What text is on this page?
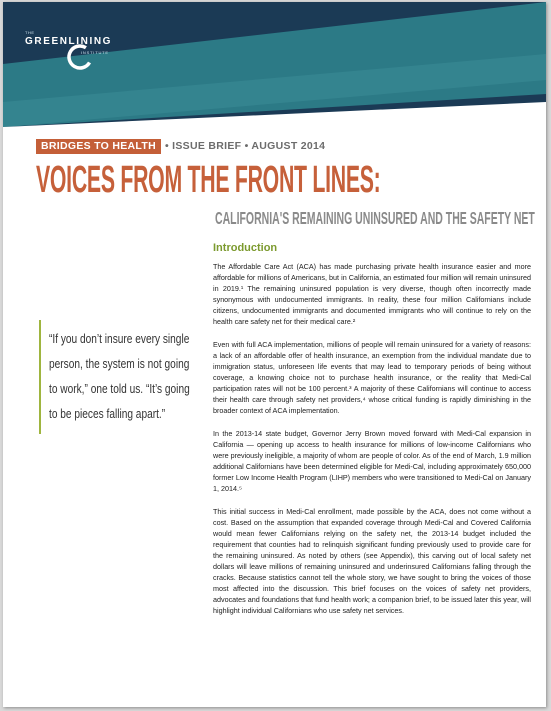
THE
GREENLINING
INSTITUTE
BRIDGES TO HEALTH • ISSUE BRIEF • AUGUST 2014
VOICES FROM THE FRONT LINES:
CALIFORNIA'S REMAINING UNINSURED AND THE SAFETY NET
Introduction

The Affordable Care Act (ACA) has made purchasing private health insurance easier and more affordable for millions of Americans, but in California, an estimated four million will remain uninsured in 2019.¹ The remaining uninsured population is very diverse, though often incorrectly made synonymous with undocumented immigrants. In reality, these four million Californians include citizens, undocumented immigrants and documented immigrants who will continue to rely on the health care safety net for their medical care.²

Even with full ACA implementation, millions of people will remain uninsured for a variety of reasons: a lack of an affordable offer of health insurance, an exemption from the individual mandate due to immigration status, unforeseen life events that may lead to temporary periods of being without coverage, a knowing choice not to purchase health insurance, or the reality that Medi-Cal participation rates will not be 100 percent.³ A majority of these Californians will continue to access their health care through safety net providers,⁴ whose critical funding is rapidly diminishing in the broader context of ACA implementation.

In the 2013-14 state budget, Governor Jerry Brown moved forward with Medi-Cal expansion in California — opening up access to health insurance for millions of low-income Californians who were previously ineligible, a majority of whom are people of color. As of the end of March, 1.9 million additional Californians have been determined eligible for Medi-Cal, including approximately 650,000 former Low Income Health Program (LIHP) members who were transitioned to Medi-Cal on January 1, 2014.⁵

This initial success in Medi-Cal enrollment, made possible by the ACA, does not come without a cost. Based on the assumption that expanded coverage through Medi-Cal and Covered California would mean fewer Californians relying on the safety net, the 2013-14 budget included the requirement that counties had to relinquish significant funding previously used to provide care for the remaining uninsured. As noted by others (see Appendix), this carving out of local safety net dollars will leave millions of remaining uninsured and underinsured Californians falling through the cracks. Because statistics cannot tell the whole story, we have sought to bring the voices of those most affected into the discussion. This brief focuses on the voices of safety net providers, advocates and foundations that fund health work; a companion brief, to be issued later this year, will highlight individual Californians who use safety net services.

“If you don’t insure every single person, the system is not going to work,” one told us. “It’s going to be pieces falling apart.”
